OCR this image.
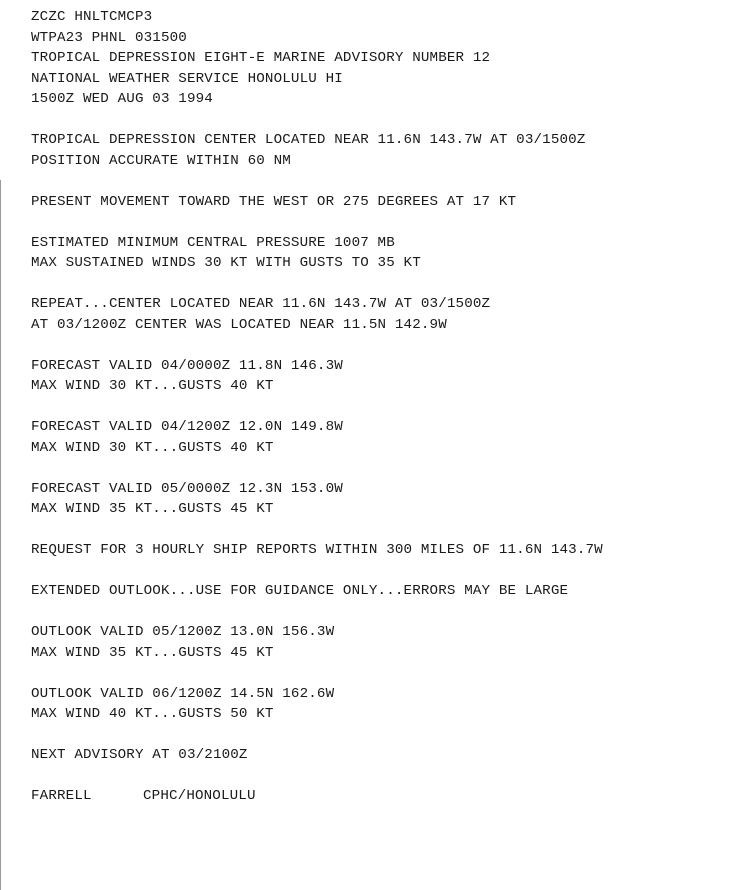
ZCZC HNLTCMCP3
WTPA23 PHNL 031500
TROPICAL DEPRESSION EIGHT-E MARINE ADVISORY NUMBER 12
NATIONAL WEATHER SERVICE HONOLULU HI
1500Z WED AUG 03 1994
TROPICAL DEPRESSION CENTER LOCATED NEAR 11.6N 143.7W AT 03/1500Z
POSITION ACCURATE WITHIN 60 NM
PRESENT MOVEMENT TOWARD THE WEST OR 275 DEGREES AT 17 KT
ESTIMATED MINIMUM CENTRAL PRESSURE 1007 MB
MAX SUSTAINED WINDS 30 KT WITH GUSTS TO 35 KT
REPEAT...CENTER LOCATED NEAR 11.6N 143.7W AT 03/1500Z
AT 03/1200Z CENTER WAS LOCATED NEAR 11.5N 142.9W
FORECAST VALID 04/0000Z 11.8N 146.3W
MAX WIND 30 KT...GUSTS 40 KT
FORECAST VALID 04/1200Z 12.0N 149.8W
MAX WIND 30 KT...GUSTS 40 KT
FORECAST VALID 05/0000Z 12.3N 153.0W
MAX WIND 35 KT...GUSTS 45 KT
REQUEST FOR 3 HOURLY SHIP REPORTS WITHIN 300 MILES OF 11.6N 143.7W
EXTENDED OUTLOOK...USE FOR GUIDANCE ONLY...ERRORS MAY BE LARGE
OUTLOOK VALID 05/1200Z 13.0N 156.3W
MAX WIND 35 KT...GUSTS 45 KT
OUTLOOK VALID 06/1200Z 14.5N 162.6W
MAX WIND 40 KT...GUSTS 50 KT
NEXT ADVISORY AT 03/2100Z
FARRELL	CPHC/HONOLULU
